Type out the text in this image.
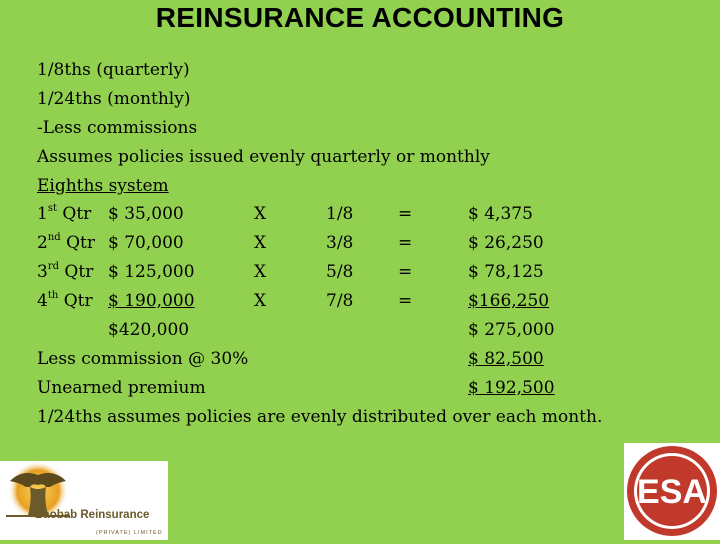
REINSURANCE ACCOUNTING
1/8ths (quarterly)
1/24ths (monthly)
-Less commissions
Assumes policies issued evenly quarterly or monthly
Eighths system
1st Qtr $ 35,000	X	1/8	=	$ 4,375
2nd Qtr $ 70,000	X	3/8	=	$ 26,250
3rd Qtr $ 125,000	X	5/8	=	$ 78,125
4th Qtr $ 190,000	X	7/8	=	$166,250
$420,000	$ 275,000
Less commission @ 30%	$ 82,500
Unearned premium	$ 192,500
1/24ths assumes policies are evenly distributed over each month.
Baobab Reinsurance
(PRIVATE) LIMITED
ESA
